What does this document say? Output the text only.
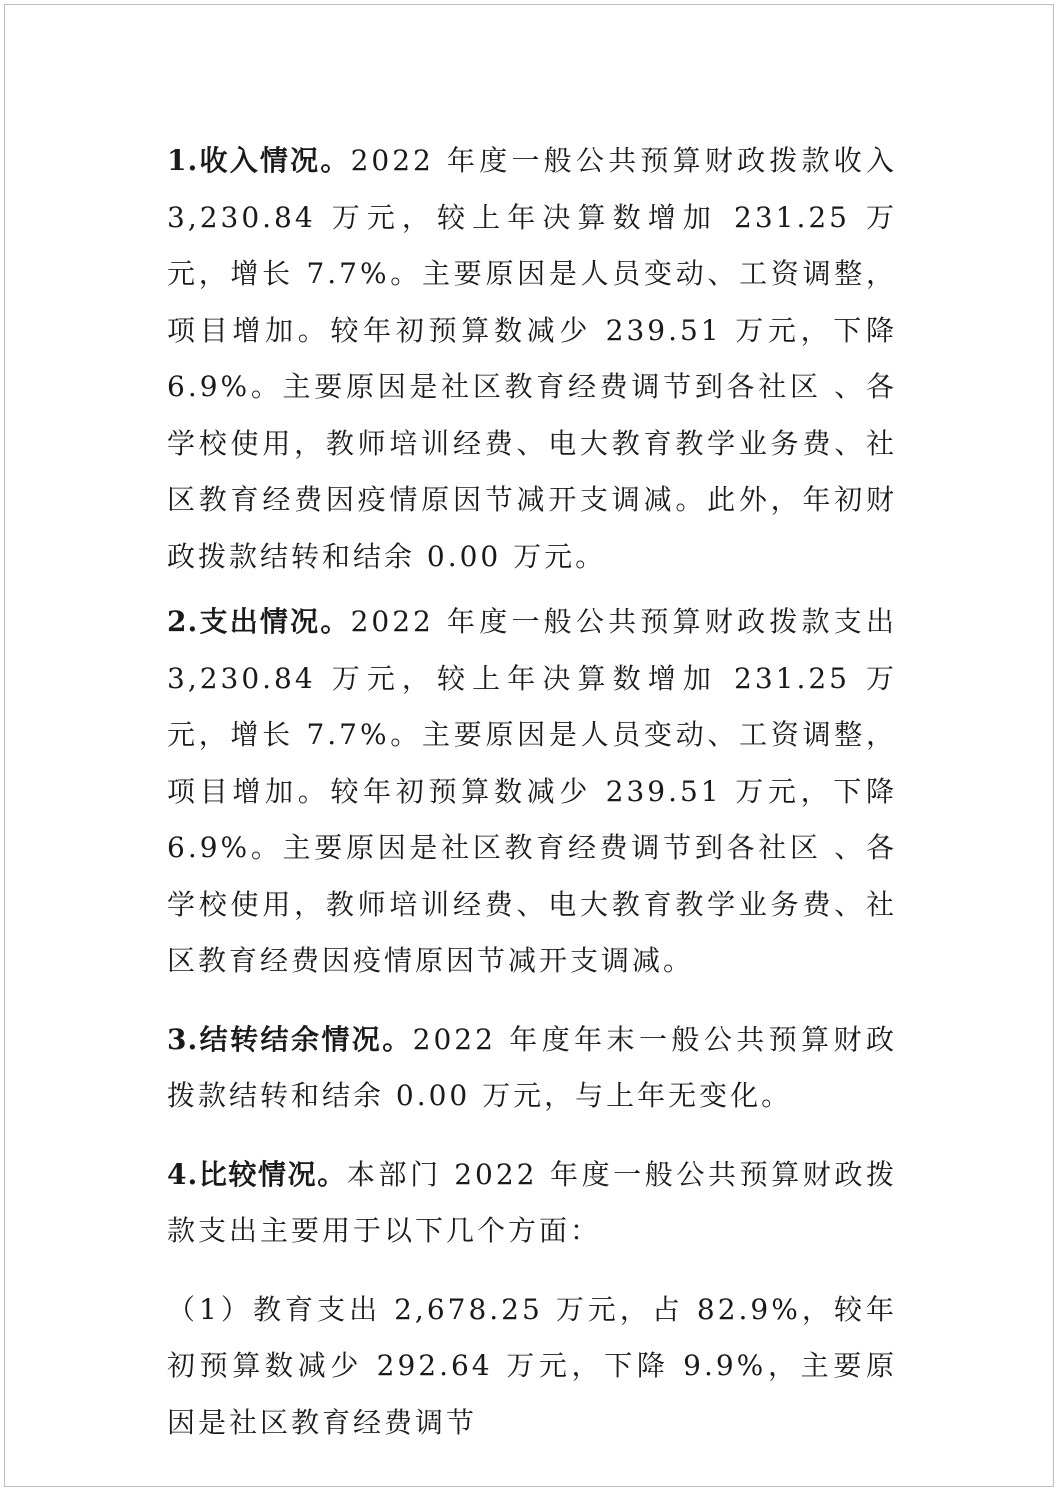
1.收入情况。2022 年度一般公共预算财政拨款收入 3,230.84 万元，较上年决算数增加 231.25 万元，增长 7.7%。主要原因是人员变动、工资调整，项目增加。较年初预算数减少 239.51 万元，下降 6.9%。主要原因是社区教育经费调节到各社区 、各学校使用，教师培训经费、电大教育教学业务费、社区教育经费因疫情原因节减开支调减。此外，年初财政拨款结转和结余 0.00 万元。

2.支出情况。2022 年度一般公共预算财政拨款支出 3,230.84 万元，较上年决算数增加 231.25 万元，增长 7.7%。主要原因是人员变动、工资调整，项目增加。较年初预算数减少 239.51 万元，下降 6.9%。主要原因是社区教育经费调节到各社区 、各学校使用，教师培训经费、电大教育教学业务费、社区教育经费因疫情原因节减开支调减。

3.结转结余情况。2022 年度年末一般公共预算财政拨款结转和结余 0.00 万元，与上年无变化。

4.比较情况。本部门 2022 年度一般公共预算财政拨款支出主要用于以下几个方面：

（1）教育支出 2,678.25 万元，占 82.9%，较年初预算数减少 292.64 万元，下降 9.9%，主要原因是社区教育经费调节
